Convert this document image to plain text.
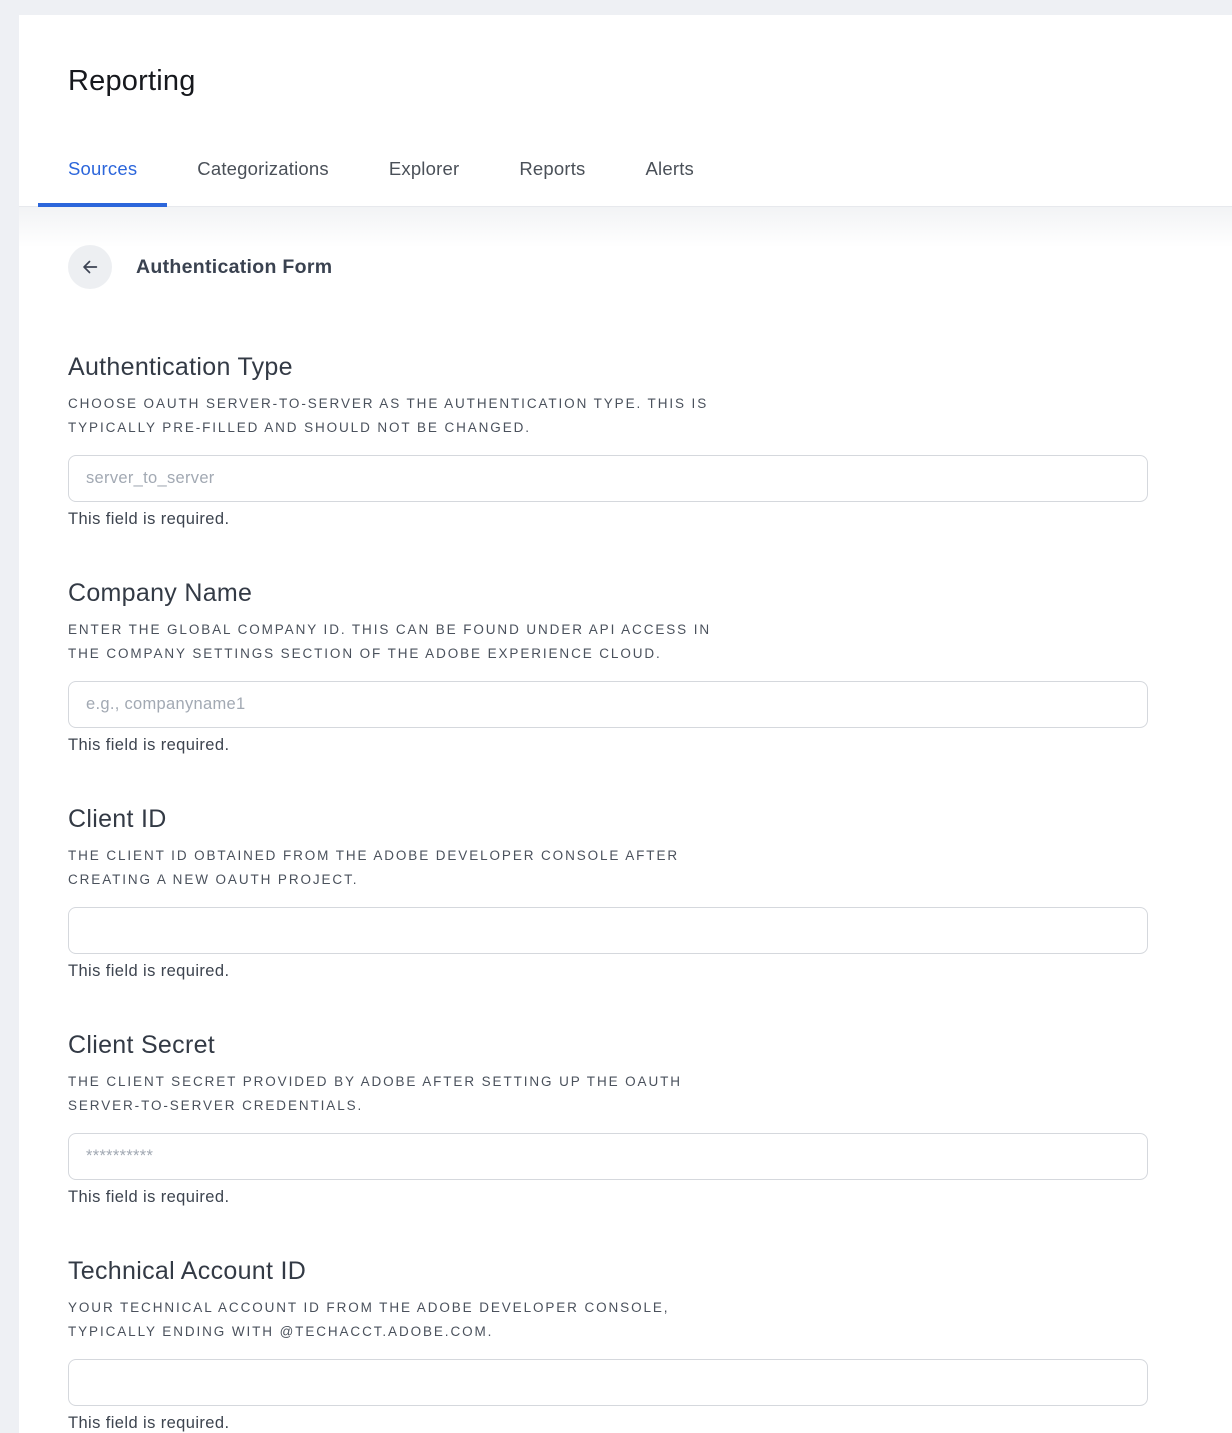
Reporting
Sources	Categorizations	Explorer	Reports	Alerts
Authentication Form
Authentication Type

CHOOSE OAUTH SERVER-TO-SERVER AS THE AUTHENTICATION TYPE. THIS IS
TYPICALLY PRE-FILLED AND SHOULD NOT BE CHANGED.

server_to_server
This field is required.
Company Name

ENTER THE GLOBAL COMPANY ID. THIS CAN BE FOUND UNDER API ACCESS IN
THE COMPANY SETTINGS SECTION OF THE ADOBE EXPERIENCE CLOUD.

e.g., companyname1
This field is required.
Client ID

THE CLIENT ID OBTAINED FROM THE ADOBE DEVELOPER CONSOLE AFTER
CREATING A NEW OAUTH PROJECT.

This field is required.
Client Secret

THE CLIENT SECRET PROVIDED BY ADOBE AFTER SETTING UP THE OAUTH
SERVER-TO-SERVER CREDENTIALS.

**********
This field is required.
Technical Account ID

YOUR TECHNICAL ACCOUNT ID FROM THE ADOBE DEVELOPER CONSOLE,
TYPICALLY ENDING WITH @TECHACCT.ADOBE.COM.

This field is required.
